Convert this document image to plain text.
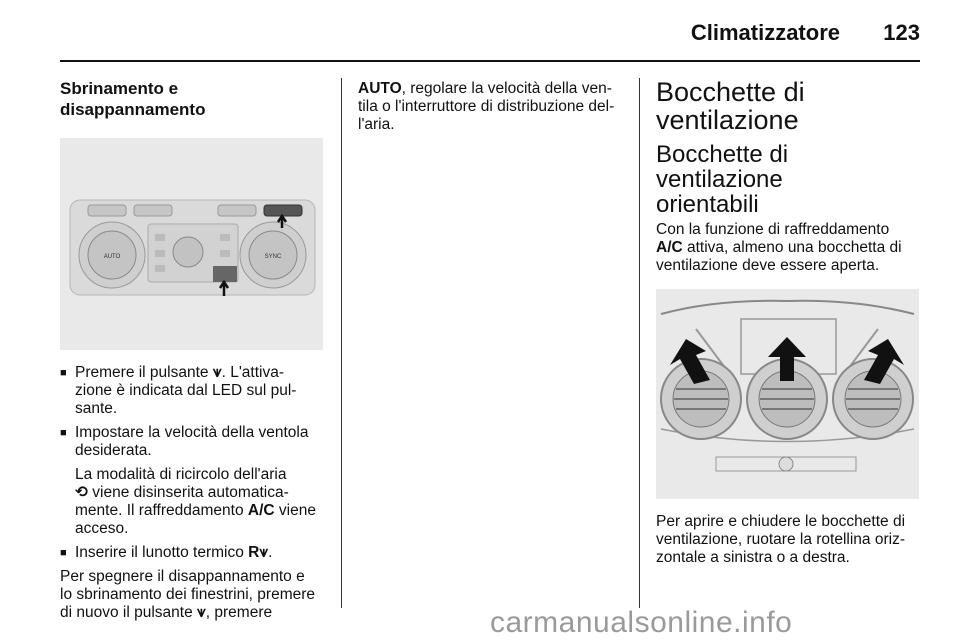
Climatizzatore 123
Sbrinamento e
disappannamento
AUTO	SYNC
■ Premere il pulsante ⩛. L'attiva-
zione è indicata dal LED sul pul-
sante.
■ Impostare la velocità della ventola
desiderata.
La modalità di ricircolo dell'aria
⟲ viene disinserita automatica-
mente. Il raffreddamento A/C viene
acceso.
■ Inserire il lunotto termico R⩛.
Per spegnere il disappannamento e
lo sbrinamento dei finestrini, premere
di nuovo il pulsante ⩛, premere
AUTO, regolare la velocità della ven-
tila o l'interruttore di distribuzione del-
l'aria.
Bocchette di
ventilazione
Bocchette di ventilazione
orientabili
Con la funzione di raffreddamento
A/C attiva, almeno una bocchetta di
ventilazione deve essere aperta.
Per aprire e chiudere le bocchette di
ventilazione, ruotare la rotellina oriz-
zontale a sinistra o a destra.
carmanualsonline.info
